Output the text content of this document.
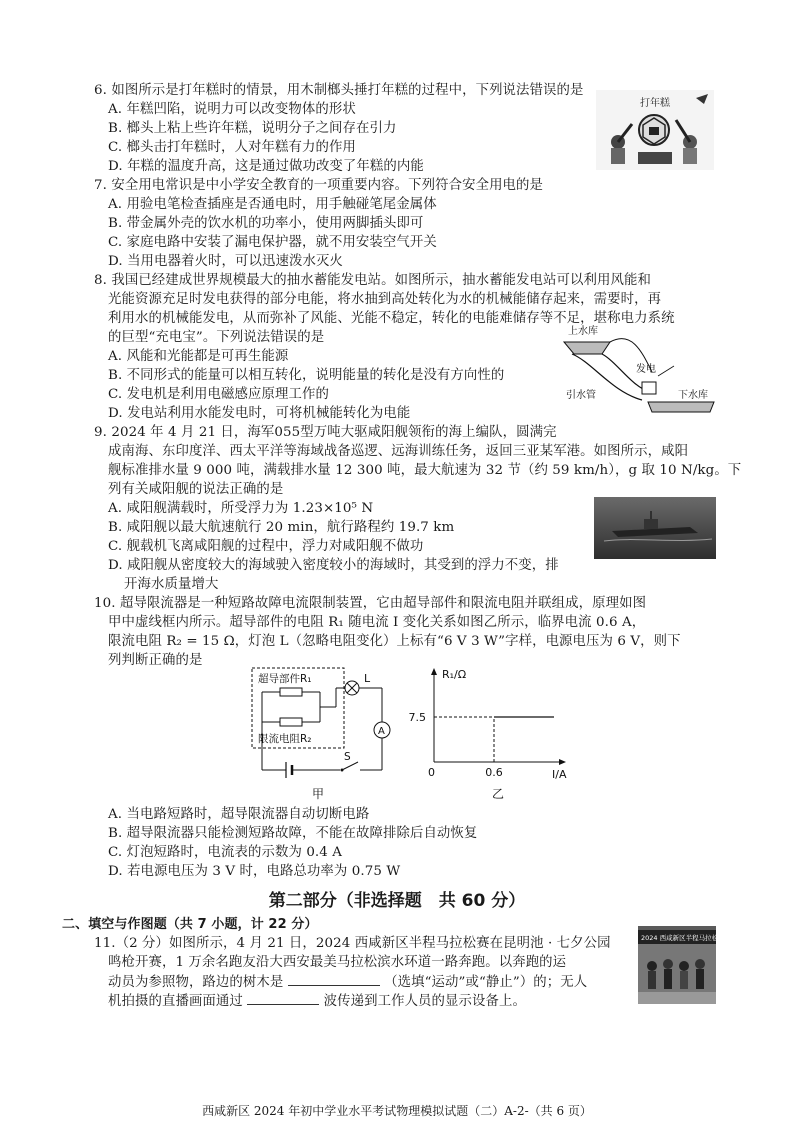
6. 如图所示是打年糕时的情景，用木制榔头捶打年糕的过程中，下列说法错误的是
A. 年糕凹陷，说明力可以改变物体的形状
B. 榔头上粘上些许年糕，说明分子之间存在引力
C. 榔头击打年糕时，人对年糕有力的作用
D. 年糕的温度升高，这是通过做功改变了年糕的内能
打年糕
7. 安全用电常识是中小学安全教育的一项重要内容。下列符合安全用电的是
A. 用验电笔检查插座是否通电时，用手触碰笔尾金属体
B. 带金属外壳的饮水机的功率小，使用两脚插头即可
C. 家庭电路中安装了漏电保护器，就不用安装空气开关
D. 当用电器着火时，可以迅速泼水灭火
8. 我国已经建成世界规模最大的抽水蓄能发电站。如图所示，抽水蓄能发电站可以利用风能和
光能资源充足时发电获得的部分电能，将水抽到高处转化为水的机械能储存起来，需要时，再
利用水的机械能发电，从而弥补了风能、光能不稳定，转化的电能难储存等不足，堪称电力系统
的巨型“充电宝”。下列说法错误的是
A. 风能和光能都是可再生能源
B. 不同形式的能量可以相互转化，说明能量的转化是没有方向性的
C. 发电机是利用电磁感应原理工作的
D. 发电站利用水能发电时，可将机械能转化为电能
上水库
发电
引水管	下水库
9. 2024 年 4 月 21 日，海军055型万吨大驱咸阳舰领衔的海上编队，圆满完
成南海、东印度洋、西太平洋等海域战备巡逻、远海训练任务，返回三亚某军港。如图所示，咸阳
舰标准排水量 9 000 吨，满载排水量 12 300 吨，最大航速为 32 节（约 59 km/h），g 取 10 N/kg。下
列有关咸阳舰的说法正确的是
A. 咸阳舰满载时，所受浮力为 1.23×10⁵ N
B. 咸阳舰以最大航速航行 20 min，航行路程约 19.7 km
C. 舰载机飞离咸阳舰的过程中，浮力对咸阳舰不做功
D. 咸阳舰从密度较大的海域驶入密度较小的海域时，其受到的浮力不变，排
开海水质量增大
10. 超导限流器是一种短路故障电流限制装置，它由超导部件和限流电阻并联组成，原理如图
甲中虚线框内所示。超导部件的电阻 R₁ 随电流 I 变化关系如图乙所示，临界电流 0.6 A，
限流电阻 R₂ = 15 Ω，灯泡 L（忽略电阻变化）上标有“6 V 3 W”字样，电源电压为 6 V，则下
列判断正确的是
超导部件R₁
限流电阻R₂
L
A
S
甲
R₁/Ω
I/A
0
7.5
0.6
乙
A. 当电路短路时，超导限流器自动切断电路
B. 超导限流器只能检测短路故障，不能在故障排除后自动恢复
C. 灯泡短路时，电流表的示数为 0.4 A
D. 若电源电压为 3 V 时，电路总功率为 0.75 W
第二部分（非选择题　共 60 分）
二、填空与作图题（共 7 小题，计 22 分）
11.（2 分）如图所示，4 月 21 日，2024 西咸新区半程马拉松赛在昆明池 · 七夕公园
鸣枪开赛，1 万余名跑友沿大西安最美马拉松滨水环道一路奔跑。以奔跑的运
动员为参照物，路边的树木是	（选填“运动”或“静止”）的；无人
机拍摄的直播画面通过	波传递到工作人员的显示设备上。
2024 西咸新区半程马拉松
西咸新区 2024 年初中学业水平考试物理模拟试题（二）A-2-（共 6 页）
